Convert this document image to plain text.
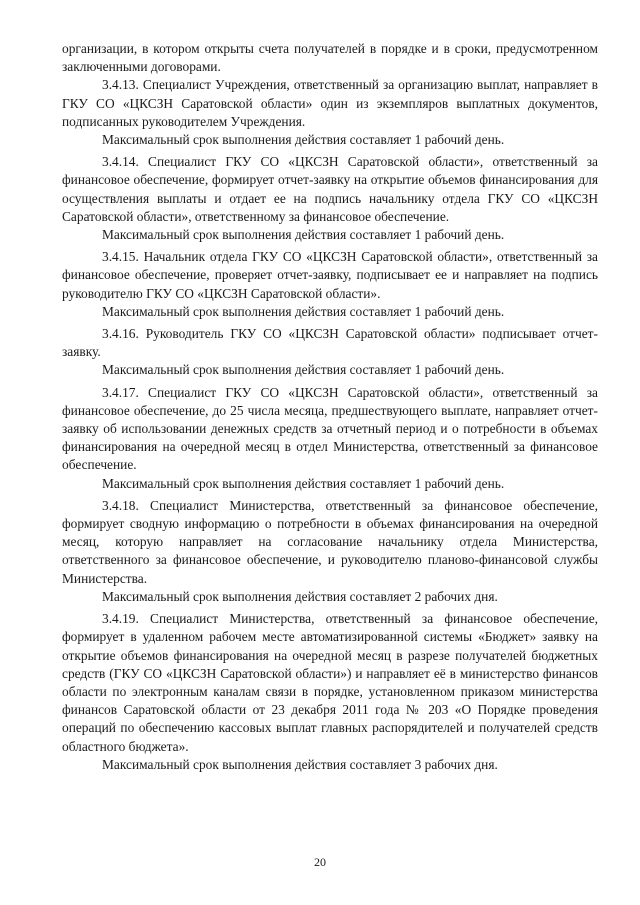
организации, в котором открыты счета получателей в порядке и в сроки, предусмотренном заключенными договорами.

3.4.13. Специалист Учреждения, ответственный за организацию выплат, направляет в ГКУ СО «ЦКСЗН Саратовской области» один из экземпляров выплатных документов, подписанных руководителем Учреждения.

Максимальный срок выполнения действия составляет 1 рабочий день.

3.4.14. Специалист ГКУ СО «ЦКСЗН Саратовской области», ответственный за финансовое обеспечение, формирует отчет-заявку на открытие объемов финансирования для осуществления выплаты и отдает ее на подпись начальнику отдела ГКУ СО «ЦКСЗН Саратовской области», ответственному за финансовое обеспечение.

Максимальный срок выполнения действия составляет 1 рабочий день.

3.4.15. Начальник отдела ГКУ СО «ЦКСЗН Саратовской области», ответственный за финансовое обеспечение, проверяет отчет-заявку, подписывает ее и направляет на подпись руководителю ГКУ СО «ЦКСЗН Саратовской области».

Максимальный срок выполнения действия составляет 1 рабочий день.

3.4.16. Руководитель ГКУ СО «ЦКСЗН Саратовской области» подписывает отчет-заявку.

Максимальный срок выполнения действия составляет 1 рабочий день.

3.4.17. Специалист ГКУ СО «ЦКСЗН Саратовской области», ответственный за финансовое обеспечение, до 25 числа месяца, предшествующего выплате, направляет отчет-заявку об использовании денежных средств за отчетный период и о потребности в объемах финансирования на очередной месяц в отдел Министерства, ответственный за финансовое обеспечение.

Максимальный срок выполнения действия составляет 1 рабочий день.

3.4.18. Специалист Министерства, ответственный за финансовое обеспечение, формирует сводную информацию о потребности в объемах финансирования на очередной месяц, которую направляет на согласование начальнику отдела Министерства, ответственного за финансовое обеспечение, и руководителю планово-финансовой службы Министерства.

Максимальный срок выполнения действия составляет 2 рабочих дня.

3.4.19. Специалист Министерства, ответственный за финансовое обеспечение, формирует в удаленном рабочем месте автоматизированной системы «Бюджет» заявку на открытие объемов финансирования на очередной месяц в разрезе получателей бюджетных средств (ГКУ СО «ЦКСЗН Саратовской области») и направляет её в министерство финансов области по электронным каналам связи в порядке, установленном приказом министерства финансов Саратовской области от 23 декабря 2011 года № 203 «О Порядке проведения операций по обеспечению кассовых выплат главных распорядителей и получателей средств областного бюджета».

Максимальный срок выполнения действия составляет 3 рабочих дня.

20
